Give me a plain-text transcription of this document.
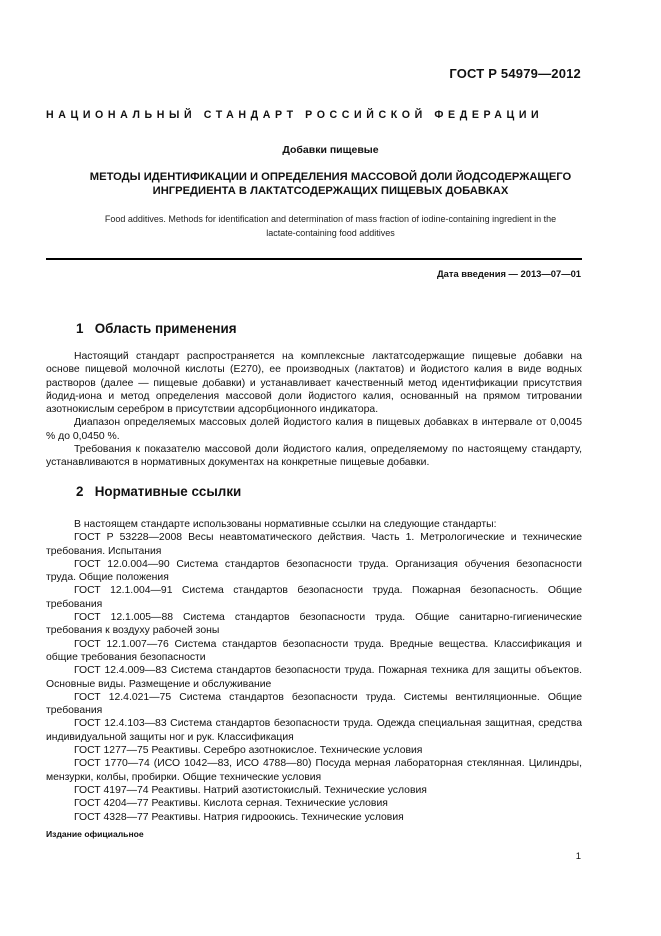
ГОСТ Р 54979—2012
НАЦИОНАЛЬНЫЙ СТАНДАРТ РОССИЙСКОЙ ФЕДЕРАЦИИ
Добавки пищевые
МЕТОДЫ ИДЕНТИФИКАЦИИ И ОПРЕДЕЛЕНИЯ МАССОВОЙ ДОЛИ ЙОДСОДЕРЖАЩЕГО
ИНГРЕДИЕНТА В ЛАКТАТСОДЕРЖАЩИХ ПИЩЕВЫХ ДОБАВКАХ
Food additives. Methods for identification and determination of mass fraction of iodine-containing ingredient in the
lactate-containing food additives
Дата введения — 2013—07—01
1 Область применения

Настоящий стандарт распространяется на комплексные лактатсодержащие пищевые добавки на основе пищевой молочной кислоты (Е270), ее производных (лактатов) и йодистого калия в виде водных растворов (далее — пищевые добавки) и устанавливает качественный метод идентификации присутствия йодид-иона и метод определения массовой доли йодистого калия, основанный на прямом титровании азотнокислым серебром в присутствии адсорбционного индикатора.

Диапазон определяемых массовых долей йодистого калия в пищевых добавках в интервале от 0,0045 % до 0,0450 %.

Требования к показателю массовой доли йодистого калия, определяемому по настоящему стандарту, устанавливаются в нормативных документах на конкретные пищевые добавки.

2 Нормативные ссылки

В настоящем стандарте использованы нормативные ссылки на следующие стандарты:

ГОСТ Р 53228—2008 Весы неавтоматического действия. Часть 1. Метрологические и технические требования. Испытания

ГОСТ 12.0.004—90 Система стандартов безопасности труда. Организация обучения безопасности труда. Общие положения

ГОСТ 12.1.004—91 Система стандартов безопасности труда. Пожарная безопасность. Общие требования

ГОСТ 12.1.005—88 Система стандартов безопасности труда. Общие санитарно-гигиенические требования к воздуху рабочей зоны

ГОСТ 12.1.007—76 Система стандартов безопасности труда. Вредные вещества. Классификация и общие требования безопасности

ГОСТ 12.4.009—83 Система стандартов безопасности труда. Пожарная техника для защиты объектов. Основные виды. Размещение и обслуживание

ГОСТ 12.4.021—75 Система стандартов безопасности труда. Системы вентиляционные. Общие требования

ГОСТ 12.4.103—83 Система стандартов безопасности труда. Одежда специальная защитная, средства индивидуальной защиты ног и рук. Классификация

ГОСТ 1277—75 Реактивы. Серебро азотнокислое. Технические условия

ГОСТ 1770—74 (ИСО 1042—83, ИСО 4788—80) Посуда мерная лабораторная стеклянная. Цилиндры, мензурки, колбы, пробирки. Общие технические условия

ГОСТ 4197—74 Реактивы. Натрий азотистокислый. Технические условия

ГОСТ 4204—77 Реактивы. Кислота серная. Технические условия

ГОСТ 4328—77 Реактивы. Натрия гидроокись. Технические условия

Издание официальное
1
